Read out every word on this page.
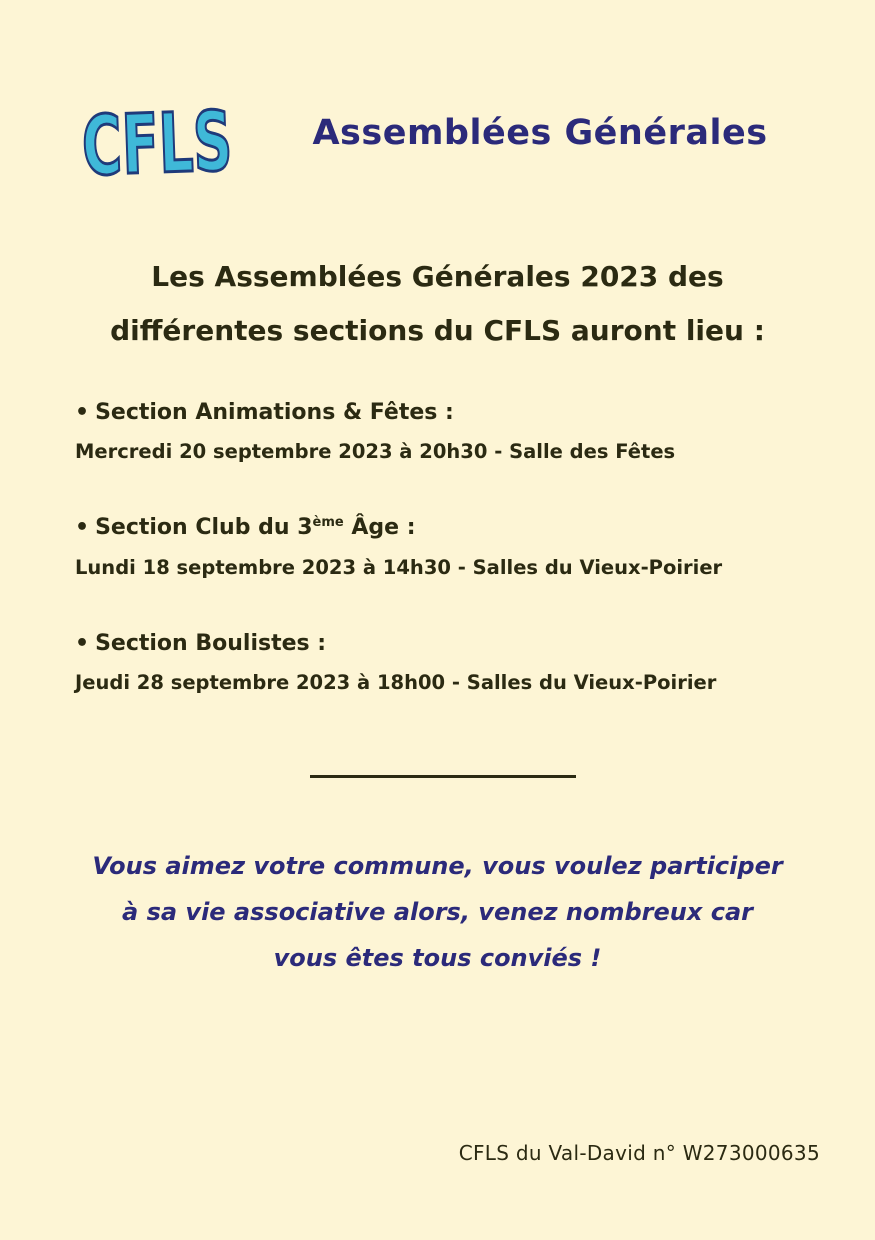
CFLS Assemblées Générales
Les Assemblées Générales 2023 des
différentes sections du CFLS auront lieu :
• Section Animations & Fêtes :
Mercredi 20 septembre 2023 à 20h30 - Salle des Fêtes
• Section Club du 3ème Âge :
Lundi 18 septembre 2023 à 14h30 - Salles du Vieux-Poirier
• Section Boulistes :
Jeudi 28 septembre 2023 à 18h00 - Salles du Vieux-Poirier
Vous aimez votre commune, vous voulez participer
à sa vie associative alors, venez nombreux car
vous êtes tous conviés !
CFLS du Val-David n° W273000635
